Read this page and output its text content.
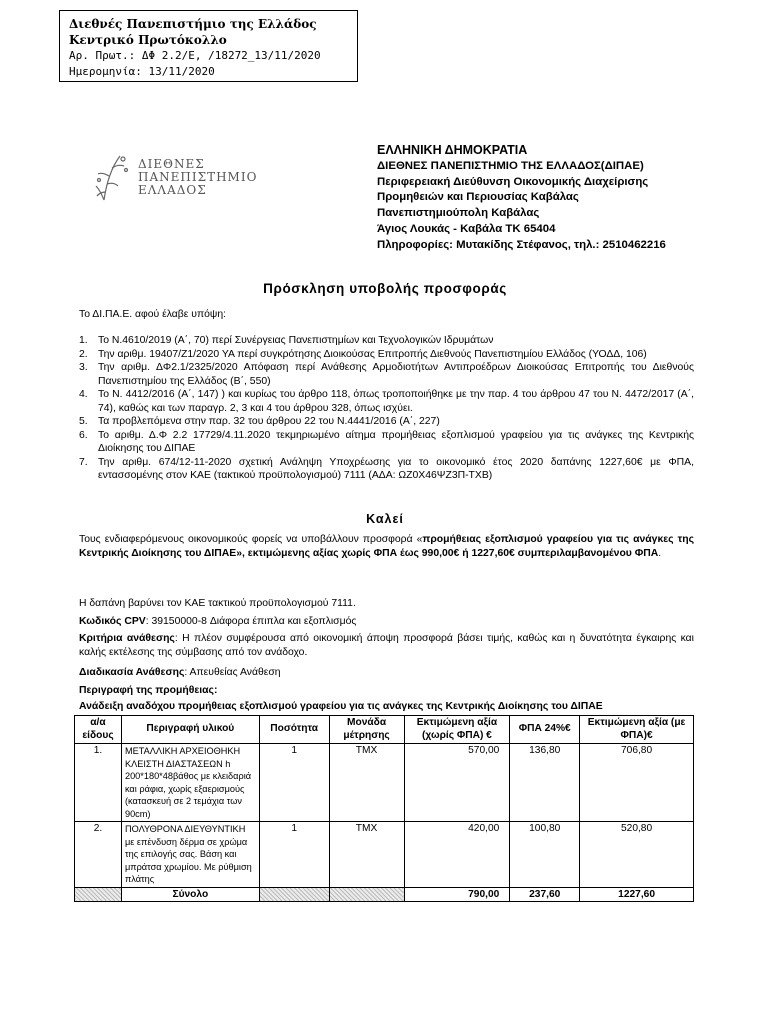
Διεθνές Πανεπιστήμιο της Ελλάδος
Κεντρικό Πρωτόκολλο
Αρ. Πρωτ.: ΔΦ 2.2/Ε, /18272_13/11/2020
Ημερομηνία: 13/11/2020
ΔΙΕΘΝΕΣ
ΠΑΝΕΠΙΣΤΗΜΙΟ
ΕΛΛΑΔΟΣ
ΕΛΛΗΝΙΚΗ ΔΗΜΟΚΡΑΤΙΑ
ΔΙΕΘΝΕΣ ΠΑΝΕΠΙΣΤΗΜΙΟ ΤΗΣ ΕΛΛΑΔΟΣ(ΔΙΠΑΕ)
Περιφερειακή Διεύθυνση Οικονομικής Διαχείρισης
Προμηθειών και Περιουσίας Καβάλας
Πανεπιστημιούπολη Καβάλας
Άγιος Λουκάς - Καβάλα ΤΚ 65404
Πληροφορίες: Μυτακίδης Στέφανος, τηλ.: 2510462216
Πρόσκληση υποβολής προσφοράς
Το ΔΙ.ΠΑ.Ε. αφού έλαβε υπόψη:
1. Το Ν.4610/2019 (Α΄, 70) περί Συνέργειας Πανεπιστημίων και Τεχνολογικών Ιδρυμάτων
2. Την αριθμ. 19407/Ζ1/2020 ΥΑ περί συγκρότησης Διοικούσας Επιτροπής Διεθνούς Πανεπιστημίου Ελλάδος (ΥΟΔΔ, 106)
3. Την αριθμ. ΔΦ2.1/2325/2020 Απόφαση περί Ανάθεσης Αρμοδιοτήτων Αντιπροέδρων Διοικούσας Επιτροπής του Διεθνούς Πανεπιστημίου της Ελλάδος (Β΄, 550)
4. Το Ν. 4412/2016 (Α΄, 147) ) και κυρίως του άρθρο 118, όπως τροποποιήθηκε με την παρ. 4 του άρθρου 47 του Ν. 4472/2017 (Α΄, 74), καθώς και των παραγρ. 2, 3 και 4 του άρθρου 328, όπως ισχύει.
5. Τα προβλεπόμενα στην παρ. 32 του άρθρου 22 του Ν.4441/2016 (Α΄, 227)
6. Το αριθμ. Δ.Φ 2.2 17729/4.11.2020 τεκμηριωμένο αίτημα προμήθειας εξοπλισμού γραφείου για τις ανάγκες της Κεντρικής Διοίκησης του ΔΙΠΑΕ
7. Την αριθμ. 674/12-11-2020 σχετική Ανάληψη Υποχρέωσης για το οικονομικό έτος 2020 δαπάνης 1227,60€ με ΦΠΑ, εντασσομένης στον ΚΑΕ (τακτικού προϋπολογισμού) 7111 (ΑΔΑ: ΩΖ0Χ46ΨΖ3Π-ΤΧΒ)
Καλεί
Τους ενδιαφερόμενους οικονομικούς φορείς να υποβάλλουν προσφορά «προμήθειας εξοπλισμού γραφείου για τις ανάγκες της Κεντρικής Διοίκησης του ΔΙΠΑΕ», εκτιμώμενης αξίας χωρίς ΦΠΑ έως 990,00€ ή 1227,60€ συμπεριλαμβανομένου ΦΠΑ.
Η δαπάνη βαρύνει τον ΚΑΕ τακτικού προϋπολογισμού 7111.
Κωδικός CPV: 39150000-8 Διάφορα έπιπλα και εξοπλισμός
Κριτήρια ανάθεσης: Η πλέον συμφέρουσα από οικονομική άποψη προσφορά βάσει τιμής, καθώς και η δυνατότητα έγκαιρης και καλής εκτέλεσης της σύμβασης από τον ανάδοχο.
Διαδικασία Ανάθεσης: Απευθείας Ανάθεση
Περιγραφή της προμήθειας:
Ανάδειξη αναδόχου προμήθειας εξοπλισμού γραφείου για τις ανάγκες της Κεντρικής Διοίκησης του ΔΙΠΑΕ
α/α είδους	Περιγραφή υλικού	Ποσότητα	Μονάδα μέτρησης	Εκτιμώμενη αξία (χωρίς ΦΠΑ) €	ΦΠΑ 24%€	Εκτιμώμενη αξία (με ΦΠΑ)€
1.	ΜΕΤΑΛΛΙΚΗ ΑΡΧΕΙΟΘΗΚΗ ΚΛΕΙΣΤΗ ΔΙΑΣΤΑΣΕΩΝ h 200*180*48βάθος με κλειδαριά και ράφια, χωρίς εξαερισμούς (κατασκευή σε 2 τεμάχια των 90cm)	1	ΤΜΧ	570,00	136,80	706,80
2.	ΠΟΛΥΘΡΟΝΑ ΔΙΕΥΘΥΝΤΙΚΗ με επένδυση δέρμα σε χρώμα της επιλογής σας. Βάση και μπράτσα χρωμίου. Με ρύθμιση πλάτης	1	ΤΜΧ	420,00	100,80	520,80
	Σύνολο			790,00	237,60	1227,60
